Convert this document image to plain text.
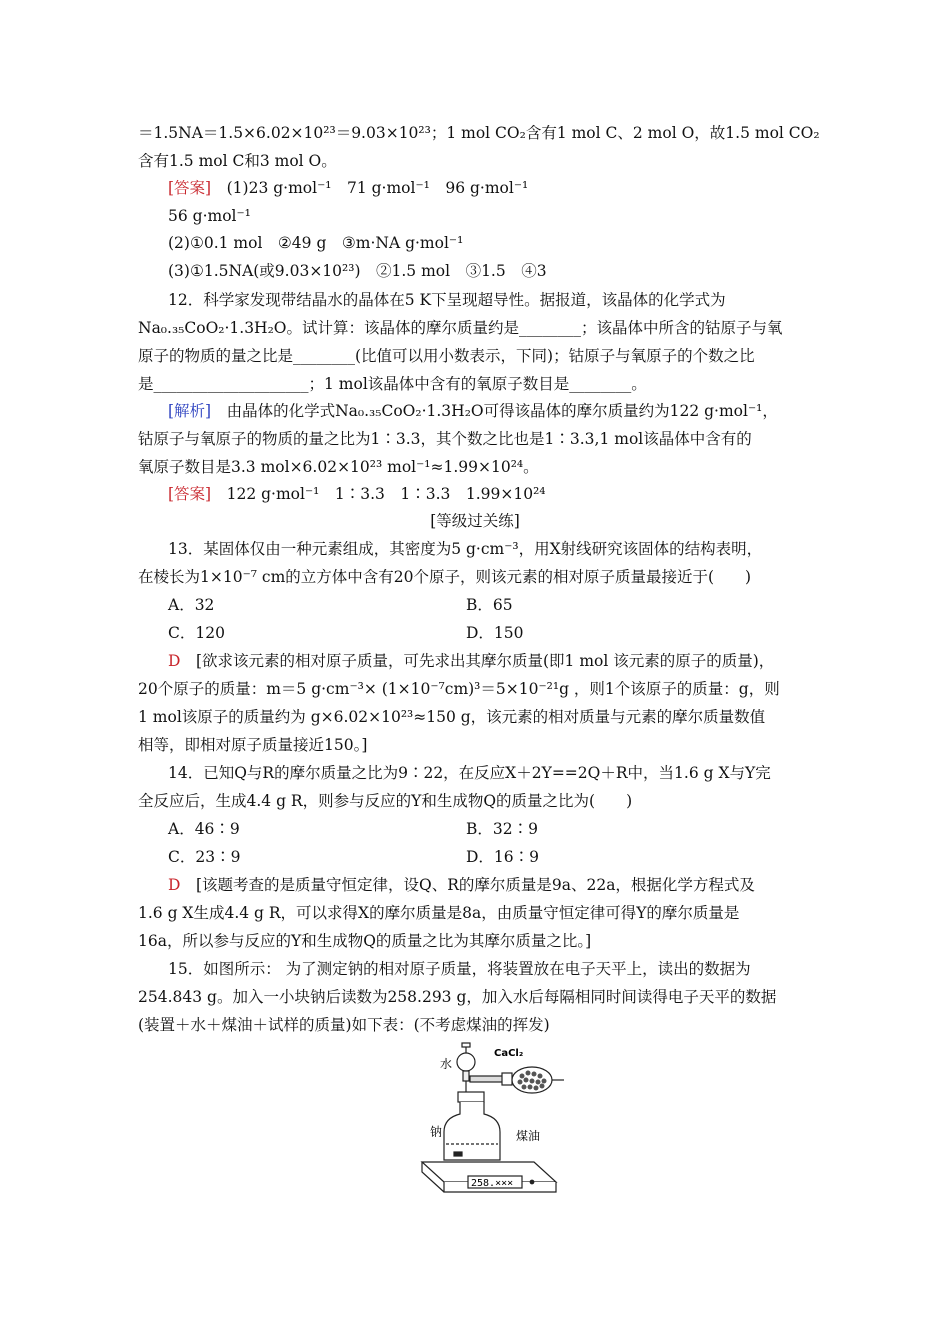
＝1.5NA＝1.5×6.02×10²³＝9.03×10²³；1 mol CO₂含有1 mol C、2 mol O，故1.5 mol CO₂
含有1.5 mol C和3 mol O。
[答案]　 (1)23 g·mol⁻¹　71 g·mol⁻¹　96 g·mol⁻¹
56 g·mol⁻¹
(2)①0.1 mol　②49 g　③m·NA g·mol⁻¹
(3)①1.5NA(或9.03×10²³)　②1.5 mol　③1.5　④3
12．科学家发现带结晶水的晶体在5 K下呈现超导性。据报道，该晶体的化学式为
Na₀.₃₅CoO₂·1.3H₂O。试计算：该晶体的摩尔质量约是________；该晶体中所含的钴原子与氧
原子的物质的量之比是________(比值可以用小数表示，下同)；钴原子与氧原子的个数之比
是____________________；1 mol该晶体中含有的氧原子数目是________。
[解析]　由晶体的化学式Na₀.₃₅CoO₂·1.3H₂O可得该晶体的摩尔质量约为122 g·mol⁻¹，
钴原子与氧原子的物质的量之比为1∶3.3，其个数之比也是1∶3.3,1 mol该晶体中含有的
氧原子数目是3.3 mol×6.02×10²³ mol⁻¹≈1.99×10²⁴。
[答案]　122 g·mol⁻¹　1∶3.3　1∶3.3　1.99×10²⁴
[等级过关练]
13．某固体仅由一种元素组成，其密度为5 g·cm⁻³，用X射线研究该固体的结构表明，
在棱长为1×10⁻⁷ cm的立方体中含有20个原子，则该元素的相对原子质量最接近于(　　)
A．32	B．65
C．120	D．150
D　[欲求该元素的相对原子质量，可先求出其摩尔质量(即1 mol 该元素的原子的质量)，
20个原子的质量：m＝5 g·cm⁻³× (1×10⁻⁷cm)³＝5×10⁻²¹g ，则1个该原子的质量：g，则
1 mol该原子的质量约为 g×6.02×10²³≈150 g，该元素的相对质量与元素的摩尔质量数值
相等，即相对原子质量接近150。]
14．已知Q与R的摩尔质量之比为9∶22，在反应X＋2Y==2Q＋R中，当1.6 g X与Y完
全反应后，生成4.4 g R，则参与反应的Y和生成物Q的质量之比为(　　)
A．46∶9	B．32∶9
C．23∶9	D．16∶9
D　[该题考查的是质量守恒定律，设Q、R的摩尔质量是9a、22a，根据化学方程式及
1.6 g X生成4.4 g R，可以求得X的摩尔质量是8a，由质量守恒定律可得Y的摩尔质量是
16a，所以参与反应的Y和生成物Q的质量之比为其摩尔质量之比。]
15．如图所示： 为了测定钠的相对原子质量，将装置放在电子天平上，读出的数据为
254.843 g。加入一小块钠后读数为258.293 g，加入水后每隔相同时间读得电子天平的数据
(装置＋水＋煤油＋试样的质量)如下表：(不考虑煤油的挥发)
水
CaCl₂
钠	煤油
258.×××
